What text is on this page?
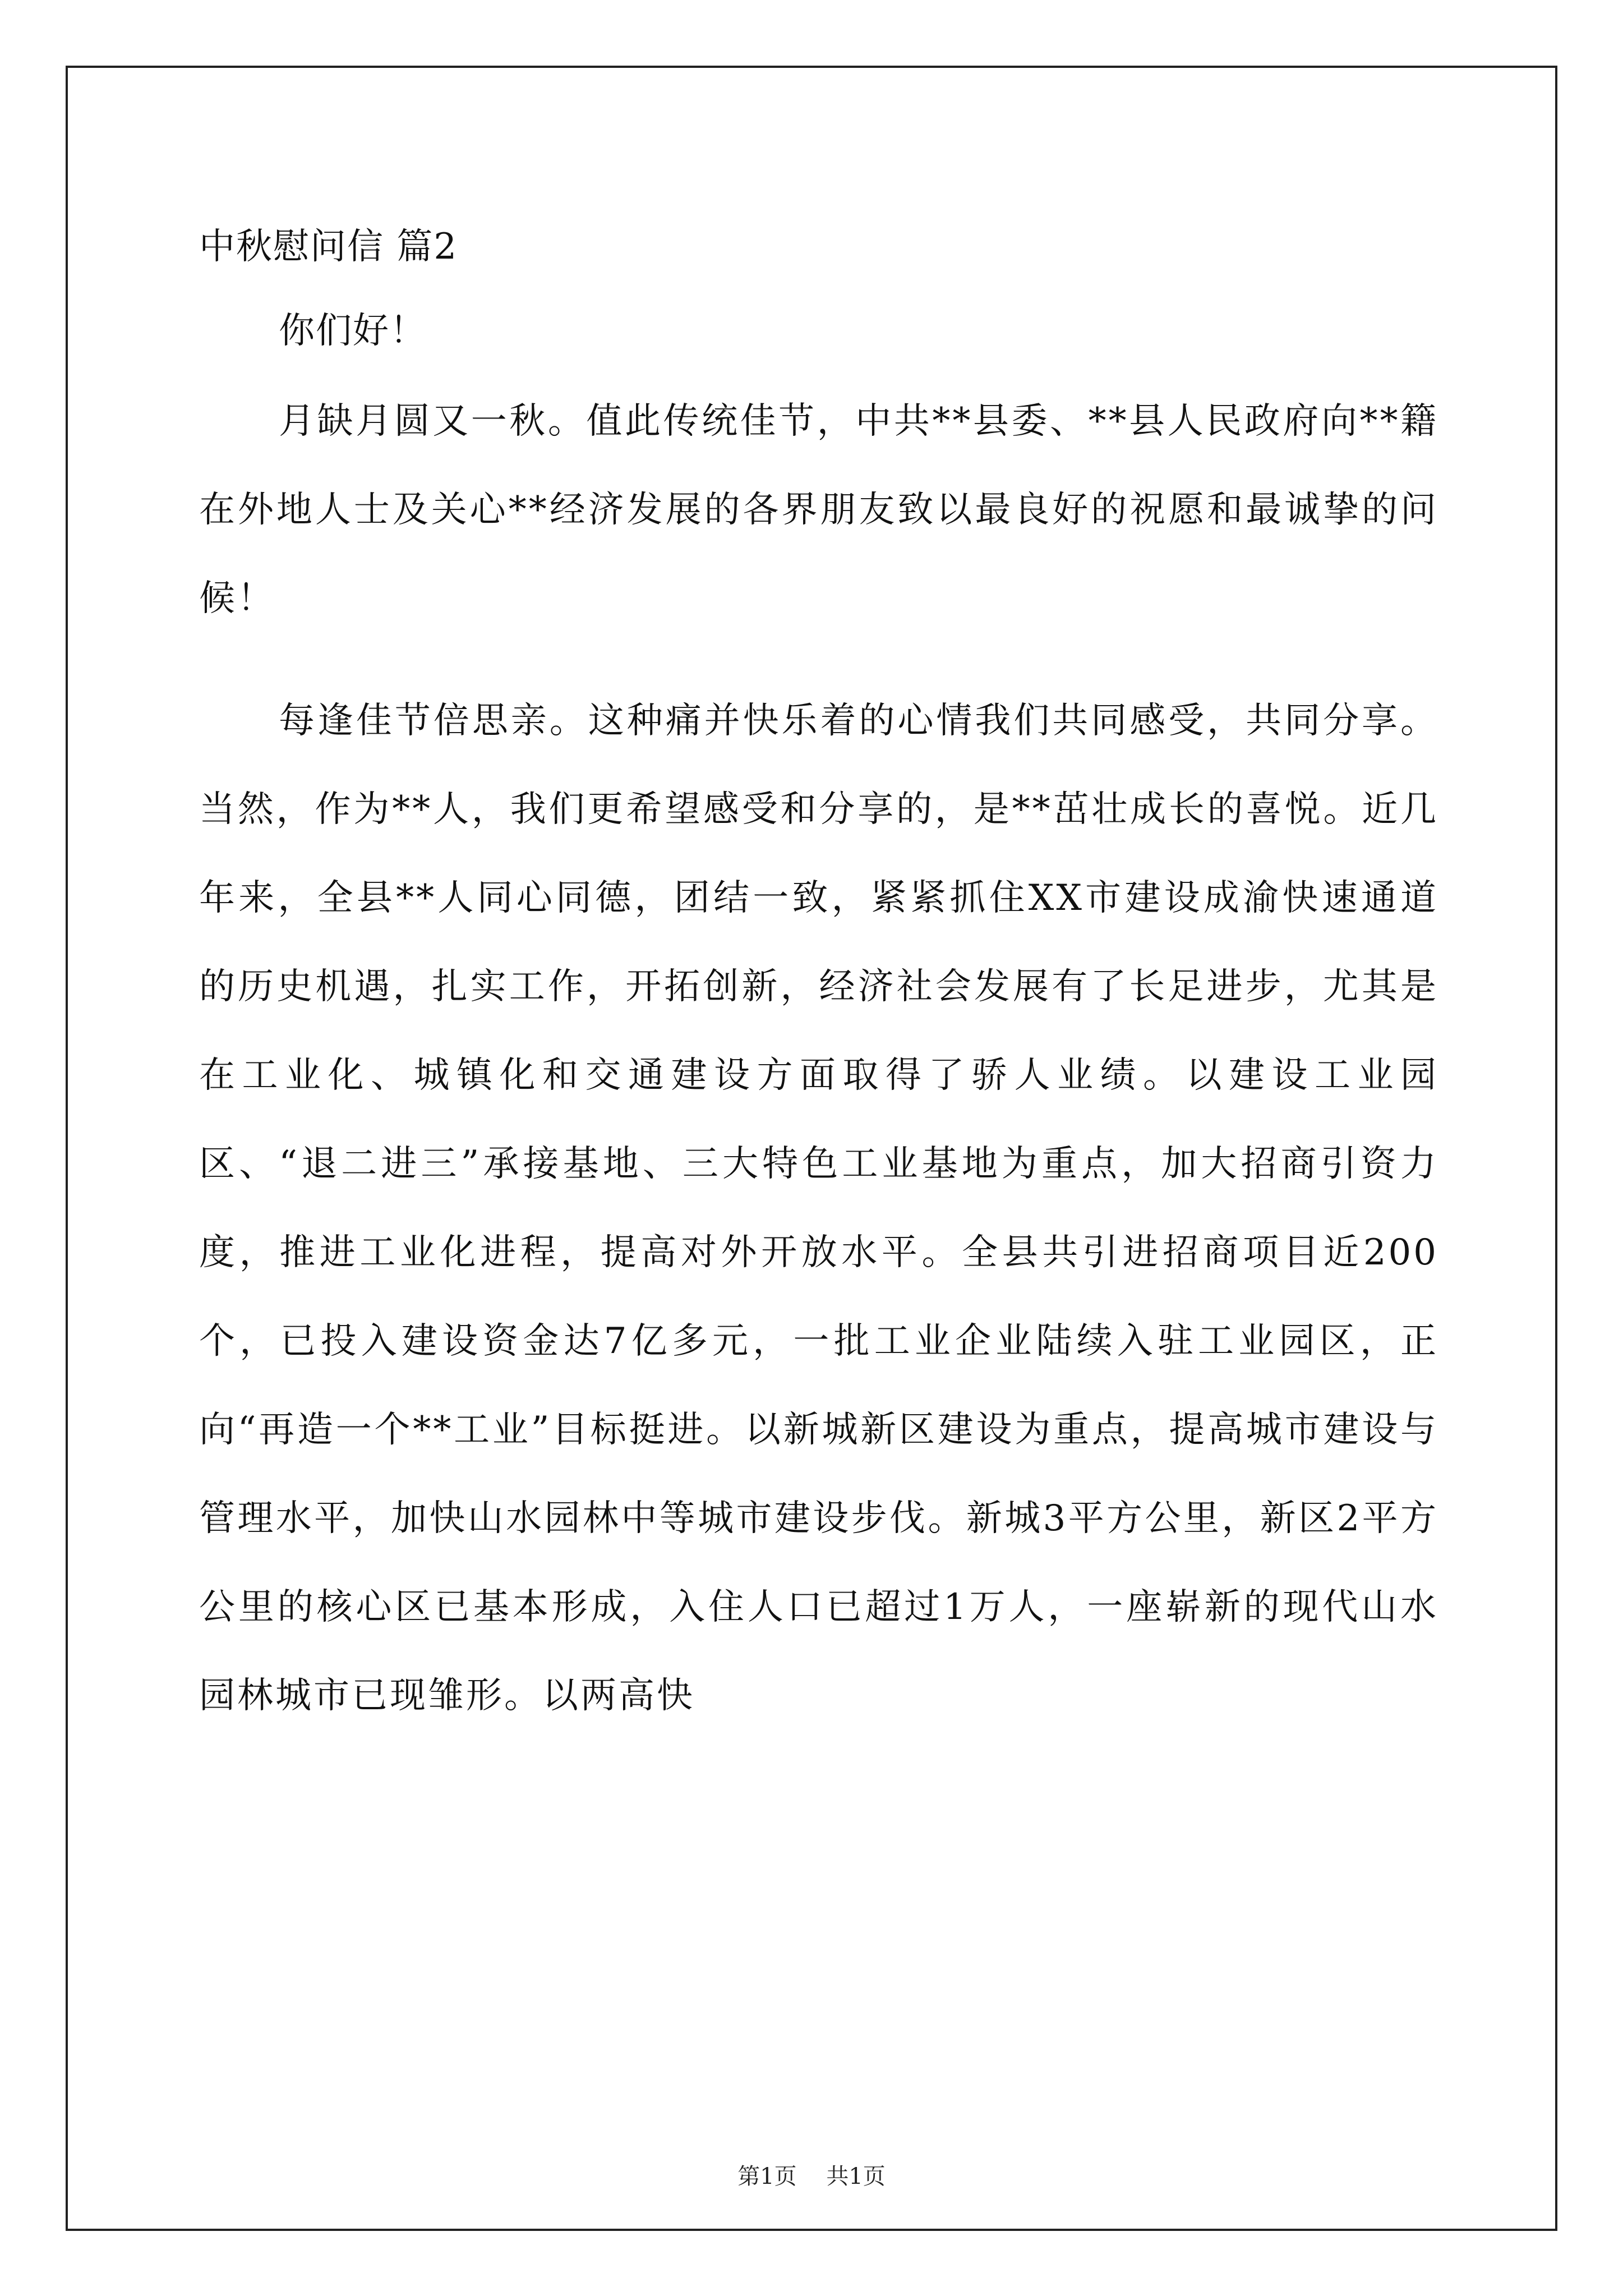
中秋慰问信 篇2

你们好！

月缺月圆又一秋。值此传统佳节，中共**县委、**县人民政府向**籍在外地人士及关心**经济发展的各界朋友致以最良好的祝愿和最诚挚的问候！

每逢佳节倍思亲。这种痛并快乐着的心情我们共同感受，共同分享。当然，作为**人，我们更希望感受和分享的，是**茁壮成长的喜悦。近几年来，全县**人同心同德，团结一致，紧紧抓住XX市建设成渝快速通道的历史机遇，扎实工作，开拓创新，经济社会发展有了长足进步，尤其是在工业化、城镇化和交通建设方面取得了骄人业绩。以建设工业园区、“退二进三”承接基地、三大特色工业基地为重点，加大招商引资力度，推进工业化进程，提高对外开放水平。全县共引进招商项目近200个，已投入建设资金达7亿多元，一批工业企业陆续入驻工业园区，正向“再造一个**工业”目标挺进。以新城新区建设为重点，提高城市建设与管理水平，加快山水园林中等城市建设步伐。新城3平方公里，新区2平方公里的核心区已基本形成，入住人口已超过1万人，一座崭新的现代山水园林城市已现雏形。以两高快

第1页 共1页
